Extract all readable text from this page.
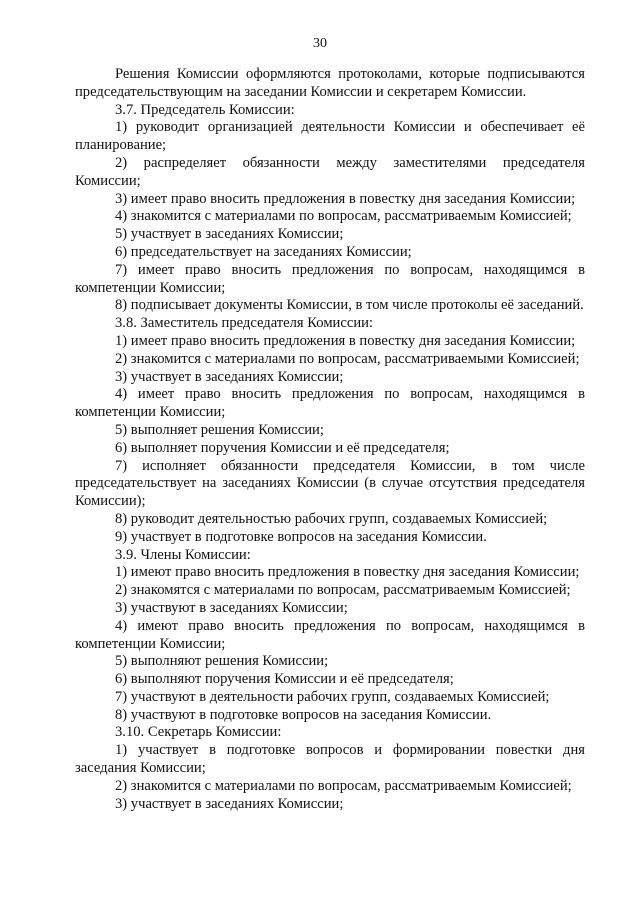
30

Решения Комиссии оформляются протоколами, которые подписываются председательствующим на заседании Комиссии и секретарем Комиссии.

3.7. Председатель Комиссии:

1) руководит организацией деятельности Комиссии и обеспечивает её планирование;

2) распределяет обязанности между заместителями председателя Комиссии;

3) имеет право вносить предложения в повестку дня заседания Комиссии;

4) знакомится с материалами по вопросам, рассматриваемым Комиссией;

5) участвует в заседаниях Комиссии;

6) председательствует на заседаниях Комиссии;

7) имеет право вносить предложения по вопросам, находящимся в компетенции Комиссии;

8) подписывает документы Комиссии, в том числе протоколы её заседаний.

3.8. Заместитель председателя Комиссии:

1) имеет право вносить предложения в повестку дня заседания Комиссии;

2) знакомится с материалами по вопросам, рассматриваемыми Комиссией;

3) участвует в заседаниях Комиссии;

4) имеет право вносить предложения по вопросам, находящимся в компетенции Комиссии;

5) выполняет решения Комиссии;

6) выполняет поручения Комиссии и её председателя;

7) исполняет обязанности председателя Комиссии, в том числе председательствует на заседаниях Комиссии (в случае отсутствия председателя Комиссии);

8) руководит деятельностью рабочих групп, создаваемых Комиссией;

9) участвует в подготовке вопросов на заседания Комиссии.

3.9. Члены Комиссии:

1) имеют право вносить предложения в повестку дня заседания Комиссии;

2) знакомятся с материалами по вопросам, рассматриваемым Комиссией;

3) участвуют в заседаниях Комиссии;

4) имеют право вносить предложения по вопросам, находящимся в компетенции Комиссии;

5) выполняют решения Комиссии;

6) выполняют поручения Комиссии и её председателя;

7) участвуют в деятельности рабочих групп, создаваемых Комиссией;

8) участвуют в подготовке вопросов на заседания Комиссии.

3.10. Секретарь Комиссии:

1) участвует в подготовке вопросов и формировании повестки дня заседания Комиссии;

2) знакомится с материалами по вопросам, рассматриваемым Комиссией;

3) участвует в заседаниях Комиссии;
